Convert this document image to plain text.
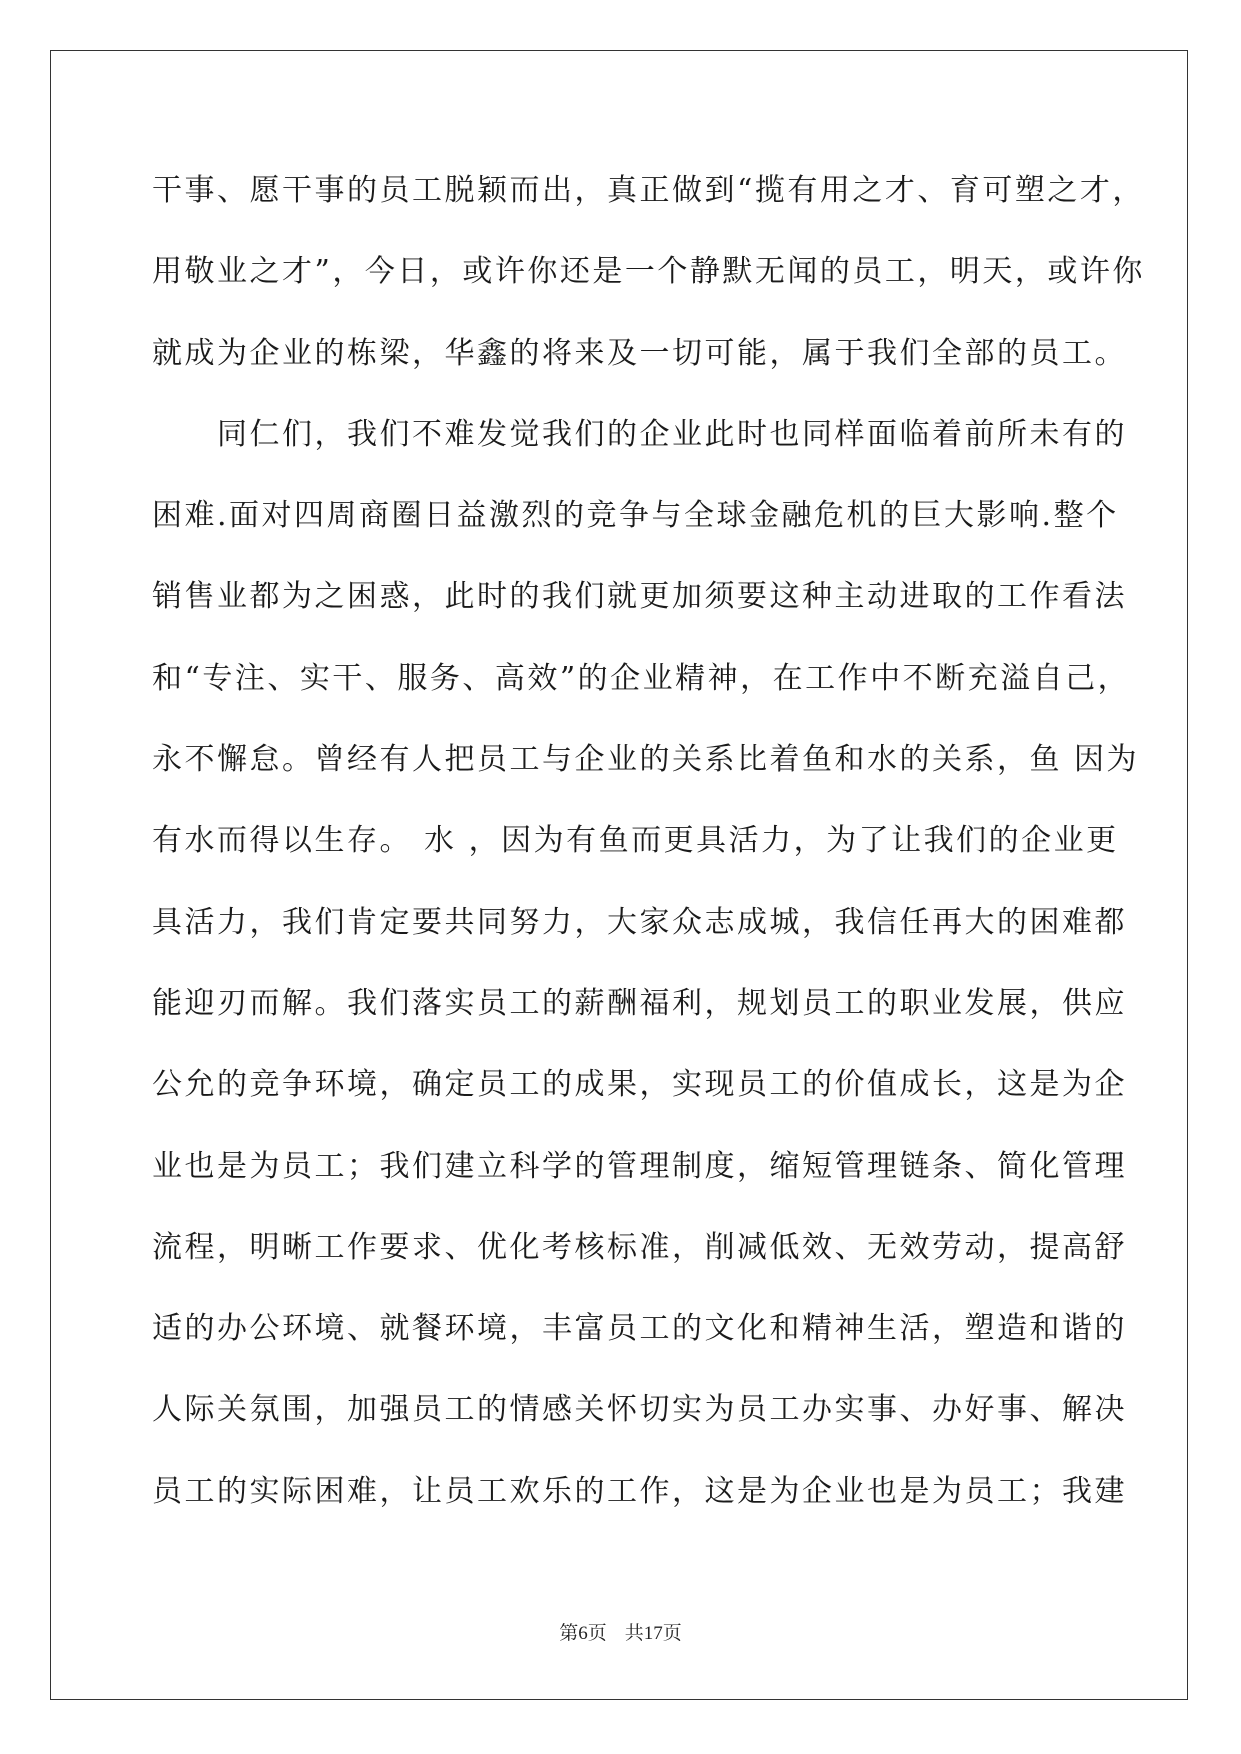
干事、愿干事的员工脱颖而出，真正做到“揽有用之才、育可塑之才，
用敬业之才”，今日，或许你还是一个静默无闻的员工，明天，或许你
就成为企业的栋梁，华鑫的将来及一切可能，属于我们全部的员工。
　　同仁们，我们不难发觉我们的企业此时也同样面临着前所未有的
困难.面对四周商圈日益激烈的竞争与全球金融危机的巨大影响.整个
销售业都为之困惑，此时的我们就更加须要这种主动进取的工作看法
和“专注、实干、服务、高效”的企业精神，在工作中不断充溢自己，
永不懈怠。曾经有人把员工与企业的关系比着鱼和水的关系，鱼 因为
有水而得以生存。 水 ，因为有鱼而更具活力，为了让我们的企业更
具活力，我们肯定要共同努力，大家众志成城，我信任再大的困难都
能迎刃而解。我们落实员工的薪酬福利，规划员工的职业发展，供应
公允的竞争环境，确定员工的成果，实现员工的价值成长，这是为企
业也是为员工；我们建立科学的管理制度，缩短管理链条、简化管理
流程，明晰工作要求、优化考核标准，削减低效、无效劳动，提高舒
适的办公环境、就餐环境，丰富员工的文化和精神生活，塑造和谐的
人际关氛围，加强员工的情感关怀切实为员工办实事、办好事、解决
员工的实际困难，让员工欢乐的工作，这是为企业也是为员工；我建
第6页 共17页
